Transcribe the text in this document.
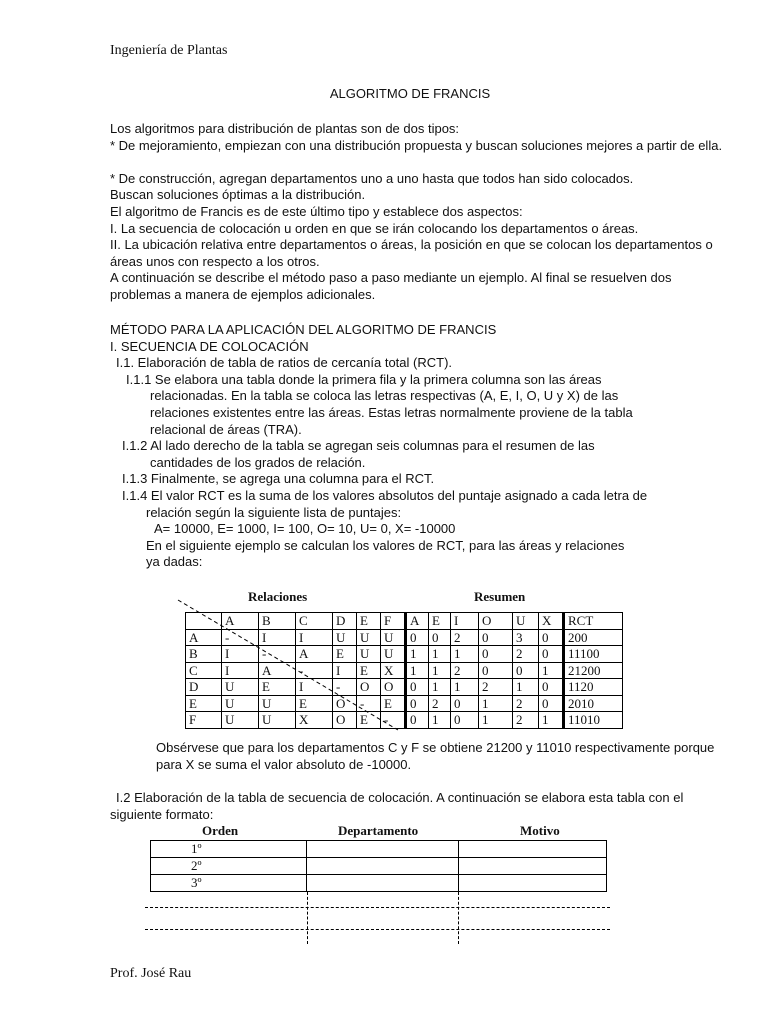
Ingeniería de Plantas
ALGORITMO DE FRANCIS
Los algoritmos para distribución de plantas son de dos tipos:
* De mejoramiento, empiezan con una distribución propuesta y buscan soluciones mejores a partir de ella.

* De construcción, agregan departamentos uno a uno hasta que todos han sido colocados.
Buscan soluciones óptimas a la distribución.
El algoritmo de Francis es de este último tipo y establece dos aspectos:
I. La secuencia de colocación u orden en que se irán colocando los departamentos o áreas.
II. La ubicación relativa entre departamentos o áreas, la posición en que se colocan los departamentos o
áreas unos con respecto a los otros.
A continuación se describe el método paso a paso mediante un ejemplo. Al final se resuelven dos
problemas a manera de ejemplos adicionales.
MÉTODO PARA LA APLICACIÓN DEL ALGORITMO DE FRANCIS
I. SECUENCIA DE COLOCACIÓN
I.1. Elaboración de tabla de ratios de cercanía total (RCT).
I.1.1 Se elabora una tabla donde la primera fila y la primera columna son las áreas
relacionadas. En la tabla se coloca las letras respectivas (A, E, I, O, U y X) de las
relaciones existentes entre las áreas. Estas letras normalmente proviene de la tabla
relacional de áreas (TRA).
I.1.2 Al lado derecho de la tabla se agregan seis columnas para el resumen de las
cantidades de los grados de relación.
I.1.3 Finalmente, se agrega una columna para el RCT.
I.1.4 El valor RCT es la suma de los valores absolutos del puntaje asignado a cada letra de
relación según la siguiente lista de puntajes:
A= 10000, E= 1000, I= 100, O= 10, U= 0, X= -10000
En el siguiente ejemplo se calculan los valores de RCT, para las áreas y relaciones
ya dadas:
Relaciones	Resumen
	A	B	C	D	E	F	A	E	I	O	U	X	RCT
A	-	I	I	U	U	U	0	0	2	0	3	0	200
B	I	-	A	E	U	U	1	1	1	0	2	0	11100
C	I	A	-	I	E	X	1	1	2	0	0	1	21200
D	U	E	I	-	O	O	0	1	1	2	1	0	1120
E	U	U	E	O	-	E	0	2	0	1	2	0	2010
F	U	U	X	O	E	-	0	1	0	1	2	1	11010
Obsérvese que para los departamentos C y F se obtiene 21200 y 11010 respectivamente porque
para X se suma el valor absoluto de -10000.
I.2 Elaboración de la tabla de secuencia de colocación. A continuación se elabora esta tabla con el
siguiente formato:
Orden	Departamento	Motivo
1º		
2º		
3º		
Prof. José Rau
